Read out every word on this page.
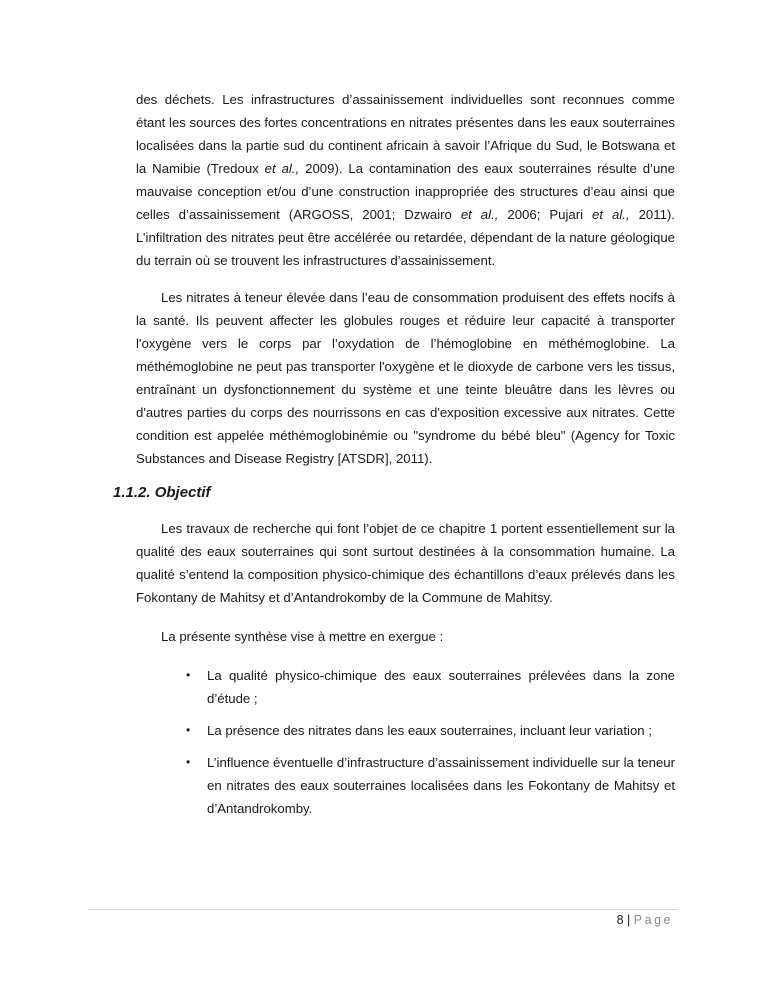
des déchets. Les infrastructures d’assainissement individuelles sont reconnues comme étant les sources des fortes concentrations en nitrates présentes dans les eaux souterraines localisées dans la partie sud du continent africain à savoir l’Afrique du Sud, le Botswana et la Namibie (Tredoux et al., 2009). La contamination des eaux souterraines résulte d’une mauvaise conception et/ou d’une construction inappropriée des structures d’eau ainsi que celles d’assainissement (ARGOSS, 2001; Dzwairo et al., 2006; Pujari et al., 2011). L’infiltration des nitrates peut être accélérée ou retardée, dépendant de la nature géologique du terrain où se trouvent les infrastructures d’assainissement.

Les nitrates à teneur élevée dans l’eau de consommation produisent des effets nocifs à la santé. Ils peuvent affecter les globules rouges et réduire leur capacité à transporter l'oxygène vers le corps par l’oxydation de l’hémoglobine en méthémoglobine. La méthémoglobine ne peut pas transporter l'oxygène et le dioxyde de carbone vers les tissus, entraînant un dysfonctionnement du système et une teinte bleuâtre dans les lèvres ou d'autres parties du corps des nourrissons en cas d'exposition excessive aux nitrates. Cette condition est appelée méthémoglobinémie ou "syndrome du bébé bleu" (Agency for Toxic Substances and Disease Registry [ATSDR], 2011).

1.1.2. Objectif

Les travaux de recherche qui font l’objet de ce chapitre 1 portent essentiellement sur la qualité des eaux souterraines qui sont surtout destinées à la consommation humaine. La qualité s’entend la composition physico-chimique des échantillons d’eaux prélevés dans les Fokontany de Mahitsy et d’Antandrokomby de la Commune de Mahitsy.

La présente synthèse vise à mettre en exergue :

• La qualité physico-chimique des eaux souterraines prélevées dans la zone d’étude ;
• La présence des nitrates dans les eaux souterraines, incluant leur variation ;
• L’influence éventuelle d’infrastructure d’assainissement individuelle sur la teneur en nitrates des eaux souterraines localisées dans les Fokontany de Mahitsy et d’Antandrokomby.
8 | Page
